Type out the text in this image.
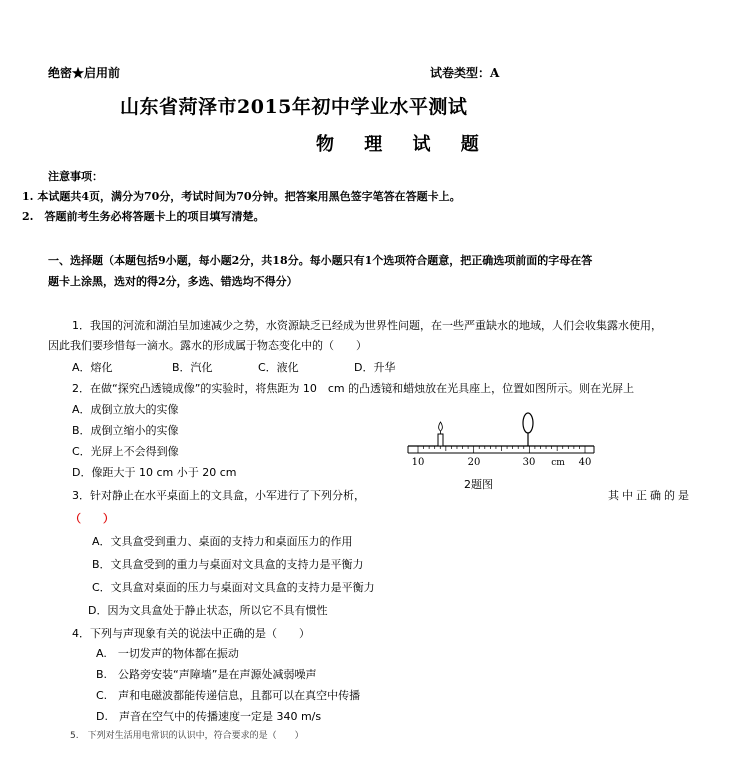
绝密★启用前	试卷类型：A
山东省菏泽市2015年初中学业水平测试
物 理 试 题
注意事项：
1. 本试题共4页，满分为70分，考试时间为70分钟。把答案用黑色签字笔答在答题卡上。
2.　答题前考生务必将答题卡上的项目填写清楚。
一、选择题（本题包括9小题，每小题2分，共18分。每小题只有1个选项符合题意，把正确选项前面的字母在答
题卡上涂黑，选对的得2分，多选、错选均不得分）
1．我国的河流和湖泊呈加速减少之势，水资源缺乏已经成为世界性问题，在一些严重缺水的地域，人们会收集露水使用，
因此我们要珍惜每一滴水。露水的形成属于物态变化中的（　　）
A．熔化	B．汽化	C．液化	D．升华
2．在做“探究凸透镜成像”的实验时，将焦距为 10　cm 的凸透镜和蜡烛放在光具座上，位置如图所示。则在光屏上
A．成倒立放大的实像
B．成倒立缩小的实像
C．光屏上不会得到像
D．像距大于 10 cm 小于 20 cm
10	20	30 cm 40
2题图
3．针对静止在水平桌面上的文具盒，小军进行了下列分析，	其中正确的是
（　　）
A．文具盒受到重力、桌面的支持力和桌面压力的作用
B．文具盒受到的重力与桌面对文具盒的支持力是平衡力
C．文具盒对桌面的压力与桌面对文具盒的支持力是平衡力
D．因为文具盒处于静止状态，所以它不具有惯性
4．下列与声现象有关的说法中正确的是（　　）
A.　一切发声的物体都在振动
B.　公路旁安装“声障墙”是在声源处减弱噪声
C.　声和电磁波都能传递信息，且都可以在真空中传播
D.　声音在空气中的传播速度一定是 340 m/s
5.　下列对生活用电常识的认识中，符合要求的是（　　）
